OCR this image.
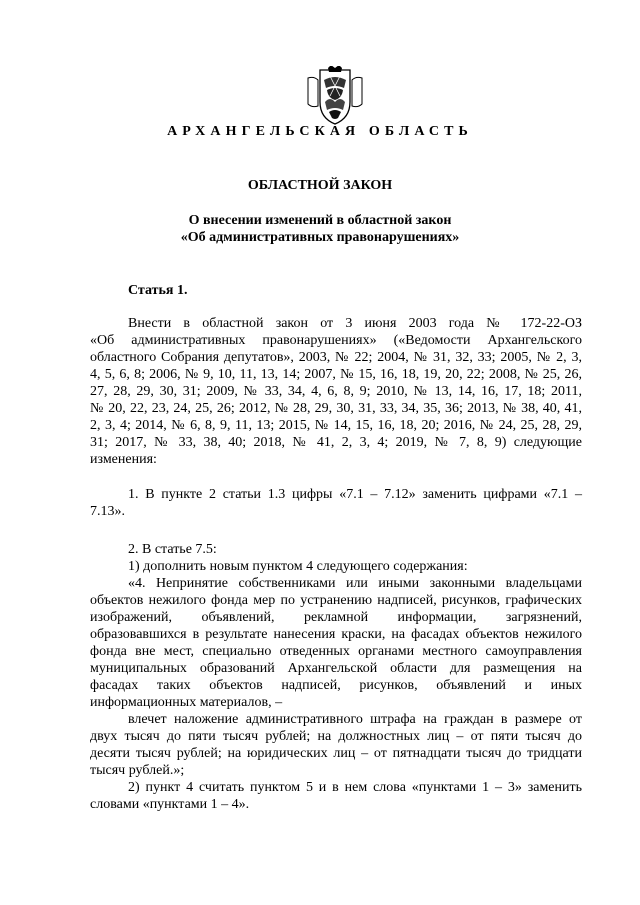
АРХАНГЕЛЬСКАЯ ОБЛАСТЬ
ОБЛАСТНОЙ ЗАКОН
О внесении изменений в областной закон
«Об административных правонарушениях»
Статья 1.
Внести в областной закон от 3 июня 2003 года № 172-22-ОЗ
«Об административных правонарушениях» («Ведомости Архангельского
областного Собрания депутатов», 2003, № 22; 2004, № 31, 32, 33; 2005, № 2, 3,
4, 5, 6, 8; 2006, № 9, 10, 11, 13, 14; 2007, № 15, 16, 18, 19, 20, 22; 2008, № 25, 26,
27, 28, 29, 30, 31; 2009, № 33, 34, 4, 6, 8, 9; 2010, № 13, 14, 16, 17, 18; 2011,
№ 20, 22, 23, 24, 25, 26; 2012, № 28, 29, 30, 31, 33, 34, 35, 36; 2013, № 38, 40, 41,
2, 3, 4; 2014, № 6, 8, 9, 11, 13; 2015, № 14, 15, 16, 18, 20; 2016, № 24, 25, 28, 29,
31; 2017, № 33, 38, 40; 2018, № 41, 2, 3, 4; 2019, № 7, 8, 9) следующие
изменения:
1. В пункте 2 статьи 1.3 цифры «7.1 – 7.12» заменить цифрами «7.1 –
7.13».
2. В статье 7.5:
1) дополнить новым пунктом 4 следующего содержания:
«4. Непринятие собственниками или иными законными владельцами
объектов нежилого фонда мер по устранению надписей, рисунков, графических
изображений, объявлений, рекламной информации, загрязнений,
образовавшихся в результате нанесения краски, на фасадах объектов нежилого
фонда вне мест, специально отведенных органами местного самоуправления
муниципальных образований Архангельской области для размещения на
фасадах таких объектов надписей, рисунков, объявлений и иных
информационных материалов, –
влечет наложение административного штрафа на граждан в размере от
двух тысяч до пяти тысяч рублей; на должностных лиц – от пяти тысяч до
десяти тысяч рублей; на юридических лиц – от пятнадцати тысяч до тридцати
тысяч рублей.»;
2) пункт 4 считать пунктом 5 и в нем слова «пунктами 1 – 3» заменить
словами «пунктами 1 – 4».
